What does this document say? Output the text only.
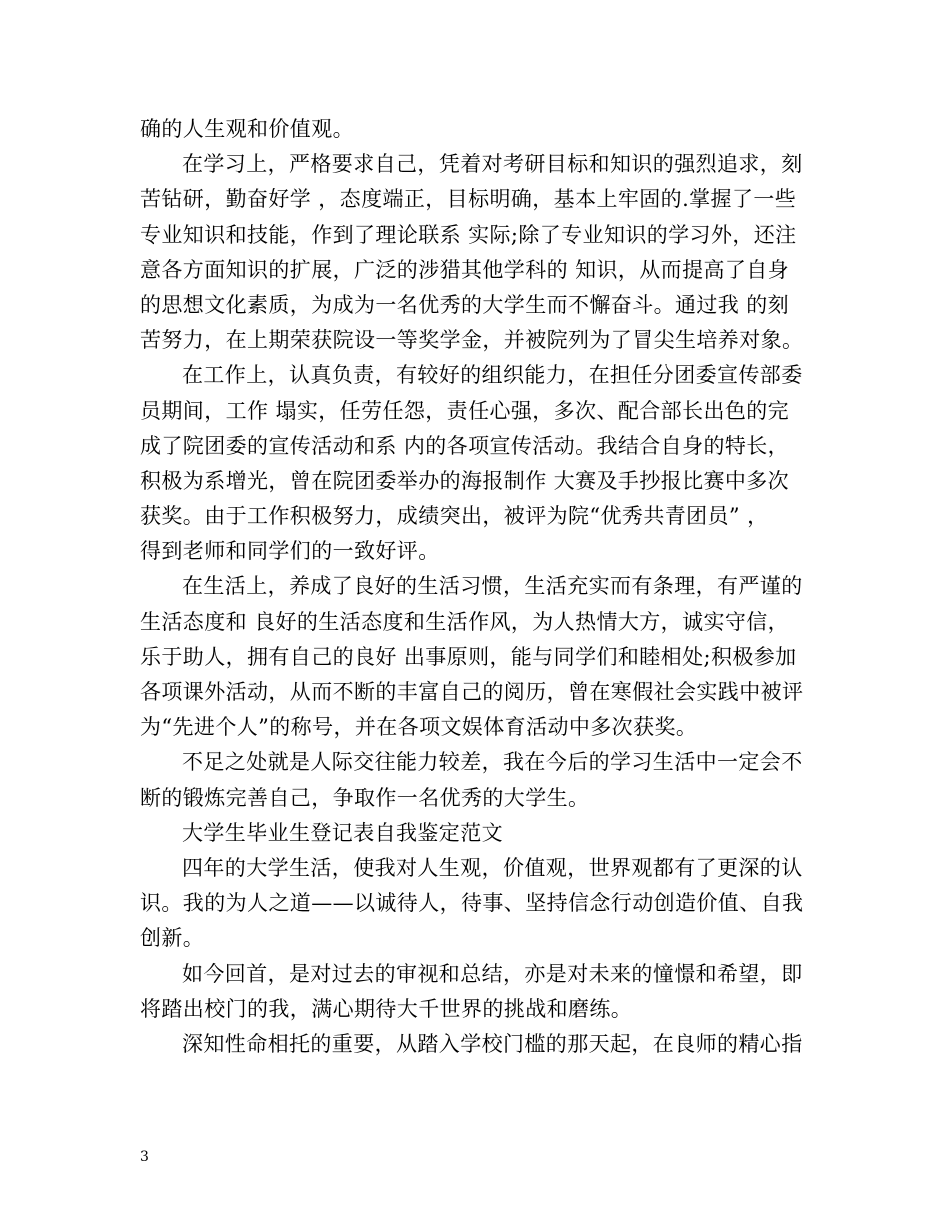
确的人生观和价值观。
在学习上，严格要求自己，凭着对考研目标和知识的强烈追求，刻
苦钻研，勤奋好学 ，态度端正，目标明确，基本上牢固的.掌握了一些
专业知识和技能，作到了理论联系 实际;除了专业知识的学习外，还注
意各方面知识的扩展，广泛的涉猎其他学科的 知识，从而提高了自身
的思想文化素质，为成为一名优秀的大学生而不懈奋斗。通过我 的刻
苦努力，在上期荣获院设一等奖学金，并被院列为了冒尖生培养对象。
在工作上，认真负责，有较好的组织能力，在担任分团委宣传部委
员期间，工作 塌实，任劳任怨，责任心强，多次、配合部长出色的完
成了院团委的宣传活动和系 内的各项宣传活动。我结合自身的特长，
积极为系增光，曾在院团委举办的海报制作 大赛及手抄报比赛中多次
获奖。由于工作积极努力，成绩突出，被评为院“优秀共青团员” ，
得到老师和同学们的一致好评。
在生活上，养成了良好的生活习惯，生活充实而有条理，有严谨的
生活态度和 良好的生活态度和生活作风，为人热情大方，诚实守信，
乐于助人，拥有自己的良好 出事原则，能与同学们和睦相处;积极参加
各项课外活动，从而不断的丰富自己的阅历，曾在寒假社会实践中被评
为“先进个人”的称号，并在各项文娱体育活动中多次获奖。
不足之处就是人际交往能力较差，我在今后的学习生活中一定会不
断的锻炼完善自己，争取作一名优秀的大学生。
大学生毕业生登记表自我鉴定范文
四年的大学生活，使我对人生观，价值观，世界观都有了更深的认
识。我的为人之道——以诚待人，待事、坚持信念行动创造价值、自我
创新。
如今回首，是对过去的审视和总结，亦是对未来的憧憬和希望，即
将踏出校门的我，满心期待大千世界的挑战和磨练。
深知性命相托的重要，从踏入学校门槛的那天起，在良师的精心指
3
